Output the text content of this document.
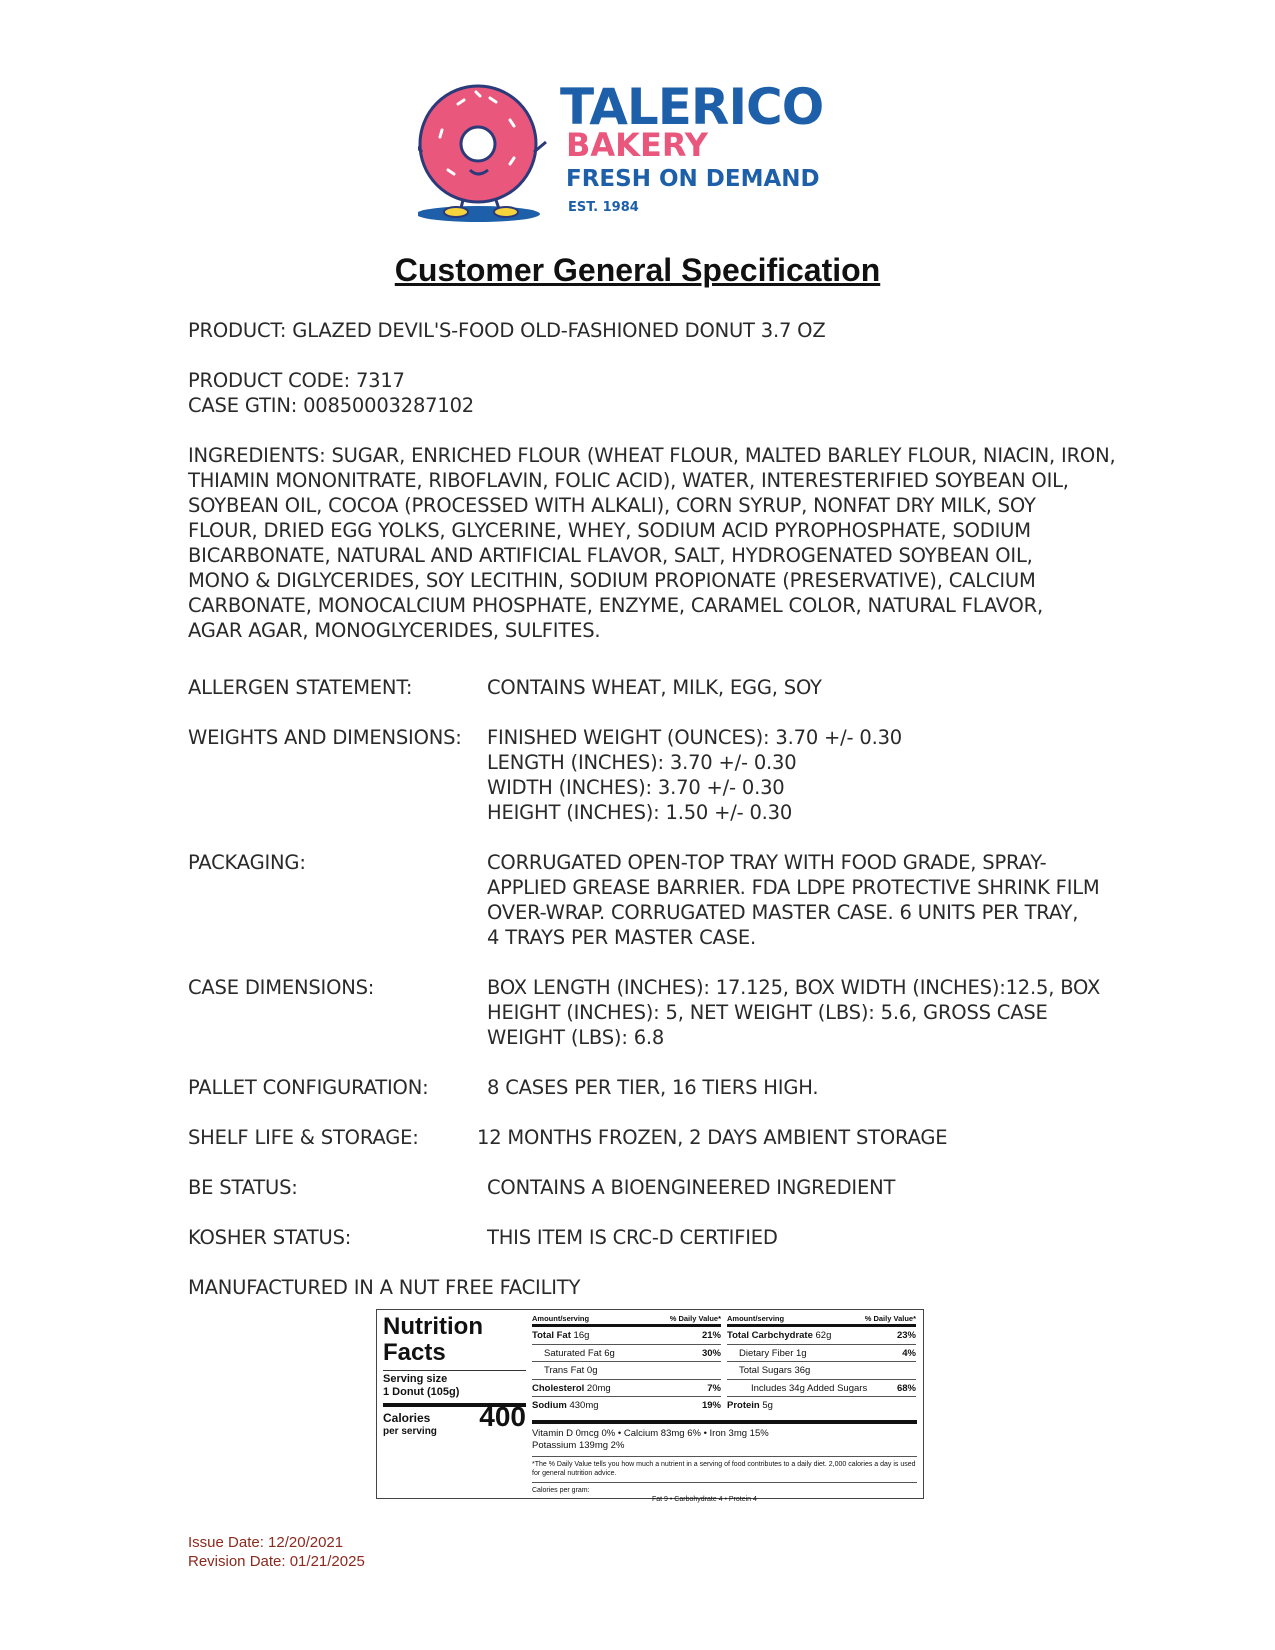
TALERICO
BAKERY
FRESH ON DEMAND
EST. 1984
Customer General Specification
PRODUCT: GLAZED DEVIL'S-FOOD OLD-FASHIONED DONUT 3.7 OZ
PRODUCT CODE: 7317
CASE GTIN: 00850003287102
INGREDIENTS: SUGAR, ENRICHED FLOUR (WHEAT FLOUR, MALTED BARLEY FLOUR, NIACIN, IRON,
THIAMIN MONONITRATE, RIBOFLAVIN, FOLIC ACID), WATER, INTERESTERIFIED SOYBEAN OIL,
SOYBEAN OIL, COCOA (PROCESSED WITH ALKALI), CORN SYRUP, NONFAT DRY MILK, SOY
FLOUR, DRIED EGG YOLKS, GLYCERINE, WHEY, SODIUM ACID PYROPHOSPHATE, SODIUM
BICARBONATE, NATURAL AND ARTIFICIAL FLAVOR, SALT, HYDROGENATED SOYBEAN OIL,
MONO & DIGLYCERIDES, SOY LECITHIN, SODIUM PROPIONATE (PRESERVATIVE), CALCIUM
CARBONATE, MONOCALCIUM PHOSPHATE, ENZYME, CARAMEL COLOR, NATURAL FLAVOR,
AGAR AGAR, MONOGLYCERIDES, SULFITES.
ALLERGEN STATEMENT:	CONTAINS WHEAT, MILK, EGG, SOY
WEIGHTS AND DIMENSIONS: FINISHED WEIGHT (OUNCES): 3.70 +/- 0.30
LENGTH (INCHES): 3.70 +/- 0.30
WIDTH (INCHES): 3.70 +/- 0.30
HEIGHT (INCHES): 1.50 +/- 0.30
PACKAGING:	CORRUGATED OPEN-TOP TRAY WITH FOOD GRADE, SPRAY-
APPLIED GREASE BARRIER. FDA LDPE PROTECTIVE SHRINK FILM
OVER-WRAP. CORRUGATED MASTER CASE. 6 UNITS PER TRAY,
4 TRAYS PER MASTER CASE.
CASE DIMENSIONS:	BOX LENGTH (INCHES): 17.125, BOX WIDTH (INCHES):12.5, BOX
HEIGHT (INCHES): 5, NET WEIGHT (LBS): 5.6, GROSS CASE
WEIGHT (LBS): 6.8
PALLET CONFIGURATION:	8 CASES PER TIER, 16 TIERS HIGH.
SHELF LIFE & STORAGE:	12 MONTHS FROZEN, 2 DAYS AMBIENT STORAGE
BE STATUS:	CONTAINS A BIOENGINEERED INGREDIENT
KOSHER STATUS:	THIS ITEM IS CRC-D CERTIFIED
MANUFACTURED IN A NUT FREE FACILITY
Nutrition
Facts
Serving size
1 Donut (105g)
Calories
per serving	400
Amount/serving	% Daily Value*
Total Fat 16g	21%
Saturated Fat 6g	30%
Trans Fat 0g
Cholesterol 20mg	7%
Sodium 430mg	19%
Amount/serving	% Daily Value*
Total Carbchydrate 62g	23%
Dietary Fiber 1g	4%
Total Sugars 36g
Includes 34g Added Sugars	68%
Protein 5g
Vitamin D 0mcg 0% • Calcium 83mg 6% • Iron 3mg 15%
Potassium 139mg 2%
*The % Daily Value tells you how much a nutrient in a serving of food contributes to a daily diet. 2,000 calories a day is used for general nutrition advice.
Calories per gram:
Fat 9 • Carbohydrate 4 • Protein 4
Issue Date: 12/20/2021
Revision Date: 01/21/2025
